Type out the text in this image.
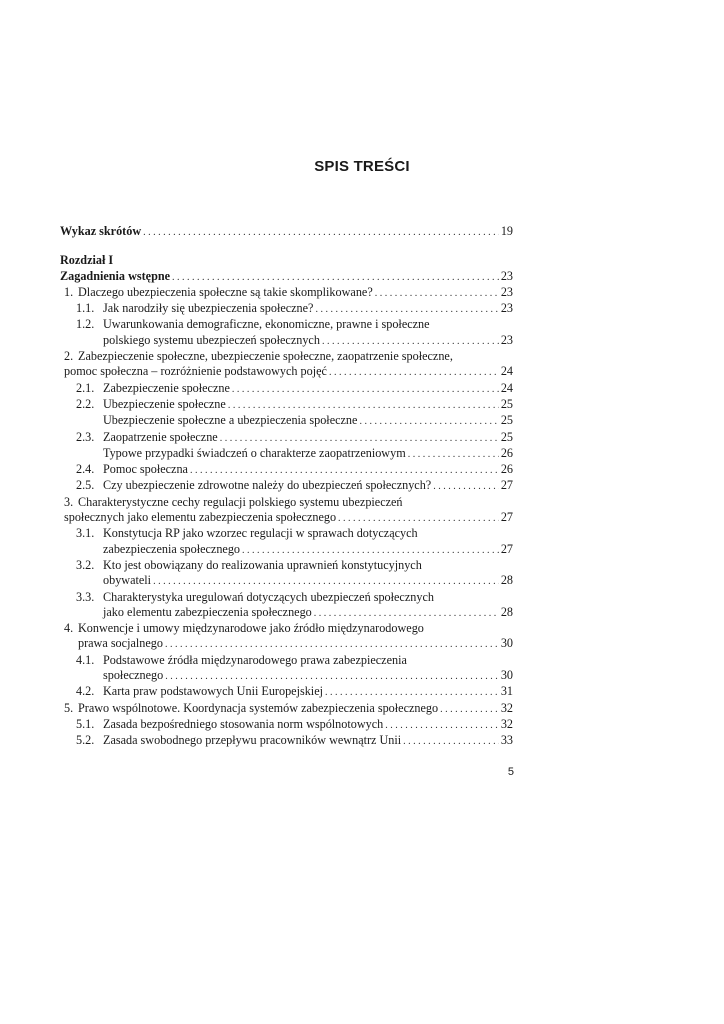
SPIS TREŚCI
Wykaz skrótów . . .	19
Rozdział I
Zagadnienia wstępne . . .	23
1. Dlaczego ubezpieczenia społeczne są takie skomplikowane? . . .	23
1.1. Jak narodziły się ubezpieczenia społeczne? . . .	23
1.2. Uwarunkowania demograficzne, ekonomiczne, prawne i społeczne
polskiego systemu ubezpieczeń społecznych . . .	23
2. Zabezpieczenie społeczne, ubezpieczenie społeczne, zaopatrzenie społeczne,
pomoc społeczna – rozróżnienie podstawowych pojęć . . .	24
2.1. Zabezpieczenie społeczne . . .	24
2.2. Ubezpieczenie społeczne . . .	25
Ubezpieczenie społeczne a ubezpieczenia społeczne . . .	25
2.3. Zaopatrzenie społeczne . . .	25
Typowe przypadki świadczeń o charakterze zaopatrzeniowym . . .	26
2.4. Pomoc społeczna . . .	26
2.5. Czy ubezpieczenie zdrowotne należy do ubezpieczeń społecznych? . . .	27
3. Charakterystyczne cechy regulacji polskiego systemu ubezpieczeń
społecznych jako elementu zabezpieczenia społecznego . . .	27
3.1. Konstytucja RP jako wzorzec regulacji w sprawach dotyczących
zabezpieczenia społecznego . . .	27
3.2. Kto jest obowiązany do realizowania uprawnień konstytucyjnych
obywateli . . .	28
3.3. Charakterystyka uregulowań dotyczących ubezpieczeń społecznych
jako elementu zabezpieczenia społecznego . . .	28
4. Konwencje i umowy międzynarodowe jako źródło międzynarodowego
prawa socjalnego . . .	30
4.1. Podstawowe źródła międzynarodowego prawa zabezpieczenia
społecznego . . .	30
4.2. Karta praw podstawowych Unii Europejskiej . . .	31
5. Prawo wspólnotowe. Koordynacja systemów zabezpieczenia społecznego . . .	32
5.1. Zasada bezpośredniego stosowania norm wspólnotowych . . .	32
5.2. Zasada swobodnego przepływu pracowników wewnątrz Unii . . .	33
5
